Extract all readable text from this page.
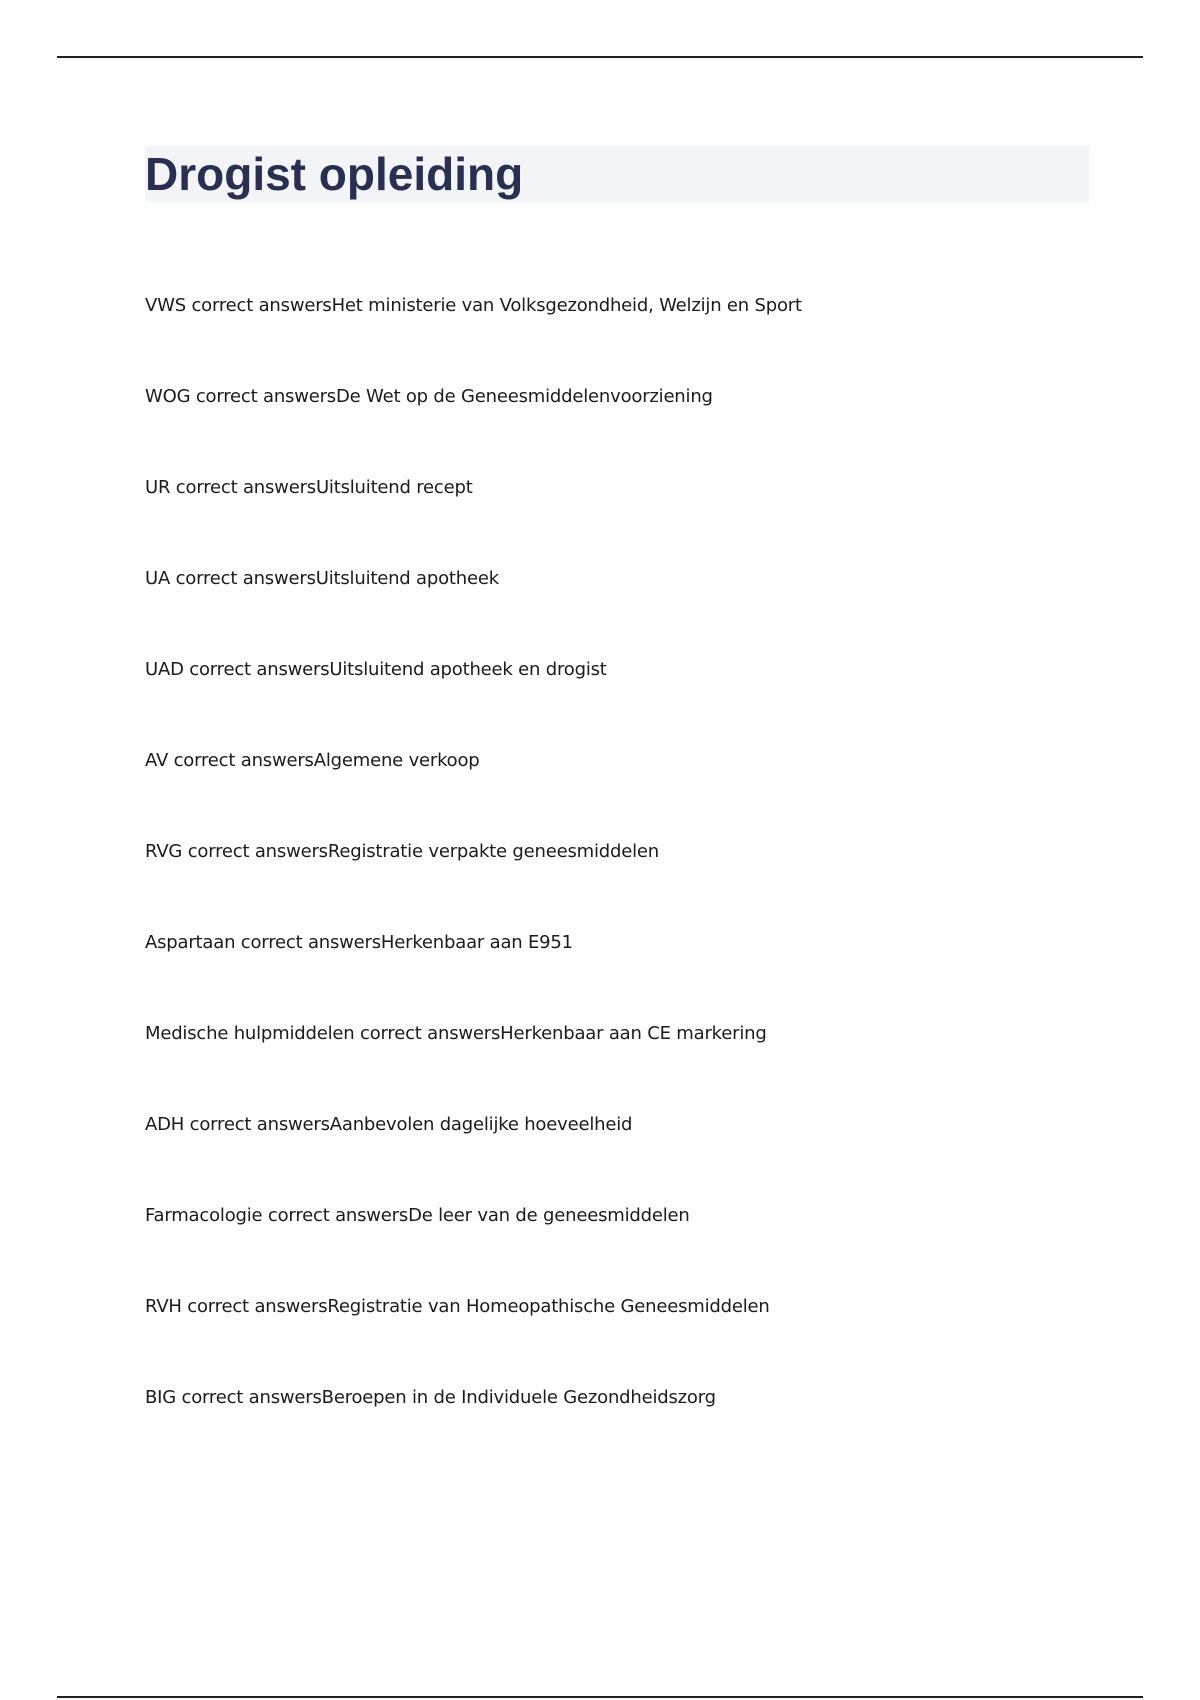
Drogist opleiding
VWS correct answersHet ministerie van Volksgezondheid, Welzijn en Sport
WOG correct answersDe Wet op de Geneesmiddelenvoorziening
UR correct answersUitsluitend recept
UA correct answersUitsluitend apotheek
UAD correct answersUitsluitend apotheek en drogist
AV correct answersAlgemene verkoop
RVG correct answersRegistratie verpakte geneesmiddelen
Aspartaan correct answersHerkenbaar aan E951
Medische hulpmiddelen correct answersHerkenbaar aan CE markering
ADH correct answersAanbevolen dagelijke hoeveelheid
Farmacologie correct answersDe leer van de geneesmiddelen
RVH correct answersRegistratie van Homeopathische Geneesmiddelen
BIG correct answersBeroepen in de Individuele Gezondheidszorg
